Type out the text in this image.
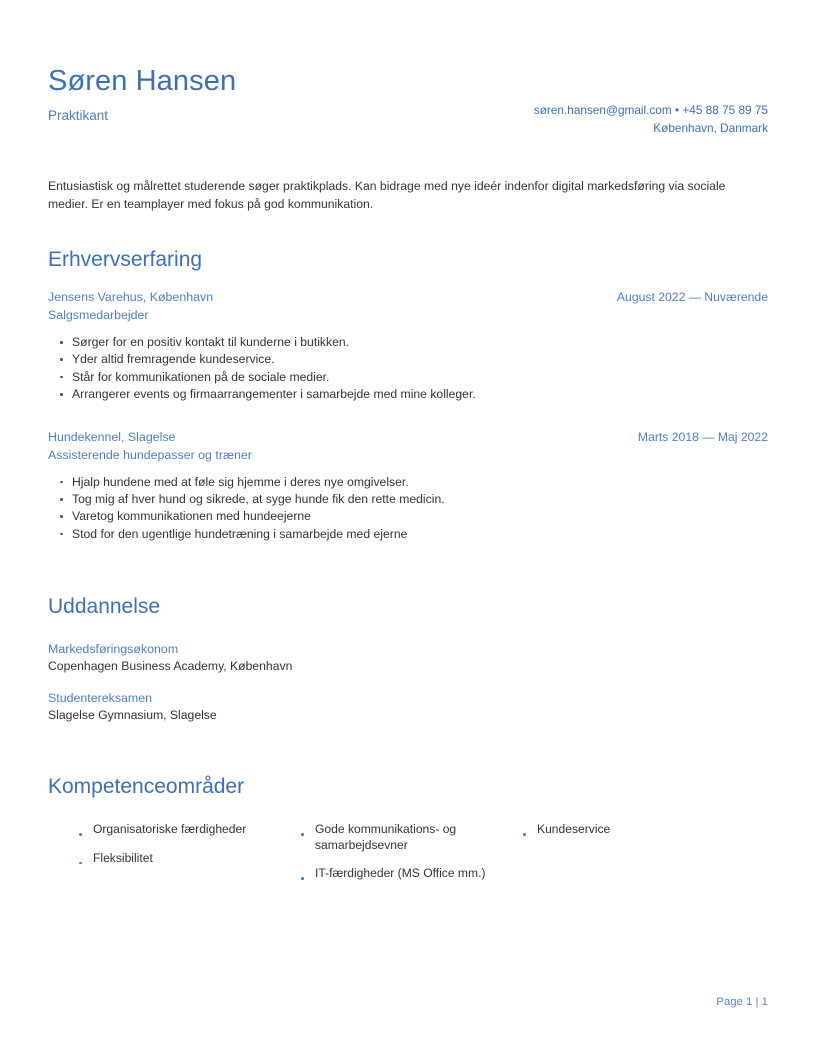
Søren Hansen
Praktikant	søren.hansen@gmail.com • +45 88 75 89 75
København, Danmark
Entusiastisk og målrettet studerende søger praktikplads. Kan bidrage med nye ideér indenfor digital markedsføring via sociale medier. Er en teamplayer med fokus på god kommunikation.
Erhvervserfaring
Jensens Varehus, København	August 2022 — Nuværende
Salgsmedarbejder
Sørger for en positiv kontakt til kunderne i butikken.
Yder altid fremragende kundeservice.
Står for kommunikationen på de sociale medier.
Arrangerer events og firmaarrangementer i samarbejde med mine kolleger.
Hundekennel, Slagelse	Marts 2018 — Maj 2022
Assisterende hundepasser og træner
Hjalp hundene med at føle sig hjemme i deres nye omgivelser.
Tog mig af hver hund og sikrede, at syge hunde fik den rette medicin.
Varetog kommunikationen med hundeejerne
Stod for den ugentlige hundetræning i samarbejde med ejerne
Uddannelse
Markedsføringsøkonom
Copenhagen Business Academy, København
Studentereksamen
Slagelse Gymnasium, Slagelse
Kompetenceområder
Organisatoriske færdigheder
Fleksibilitet
Gode kommunikations- og samarbejdsevner
IT-færdigheder (MS Office mm.)
Kundeservice
Page 1 | 1
